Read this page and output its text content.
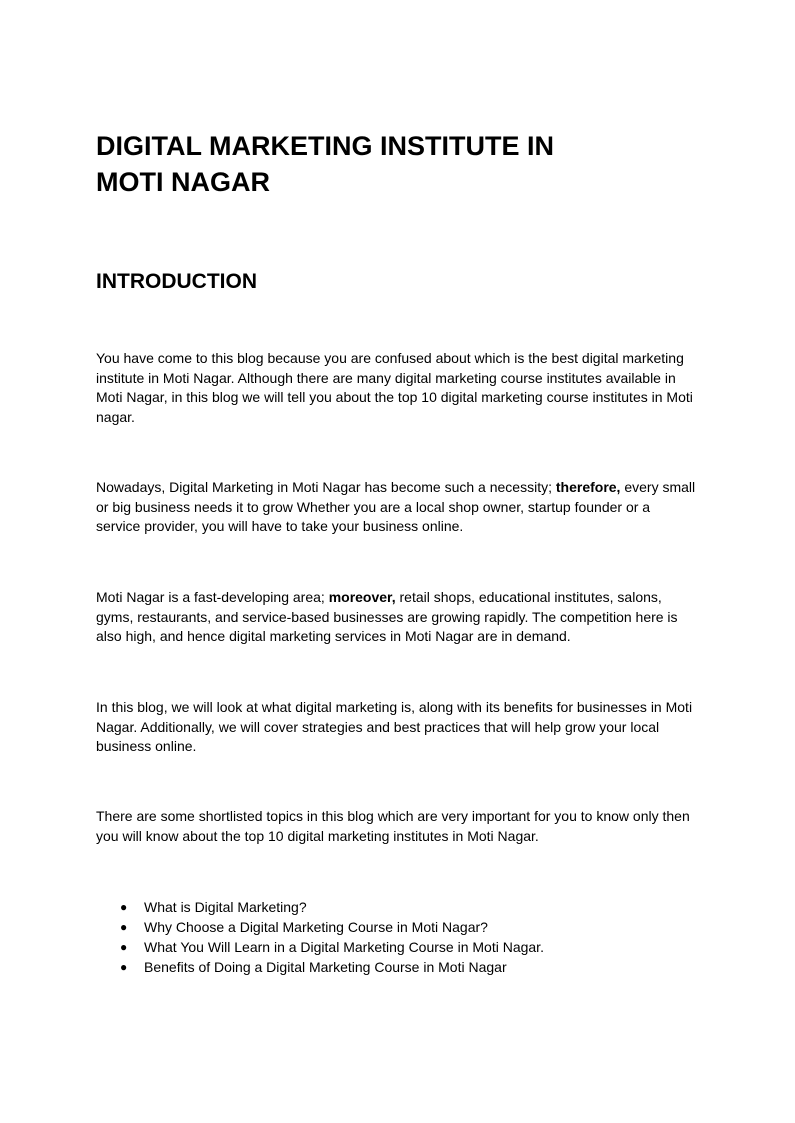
DIGITAL MARKETING INSTITUTE IN
MOTI NAGAR
INTRODUCTION

You have come to this blog because you are confused about which is the best digital marketing institute in Moti Nagar. Although there are many digital marketing course institutes available in Moti Nagar, in this blog we will tell you about the top 10 digital marketing course institutes in Moti nagar.

Nowadays, Digital Marketing in Moti Nagar has become such a necessity; therefore, every small or big business needs it to grow Whether you are a local shop owner, startup founder or a service provider, you will have to take your business online.

Moti Nagar is a fast-developing area; moreover, retail shops, educational institutes, salons, gyms, restaurants, and service-based businesses are growing rapidly. The competition here is also high, and hence digital marketing services in Moti Nagar are in demand.

In this blog, we will look at what digital marketing is, along with its benefits for businesses in Moti Nagar. Additionally, we will cover strategies and best practices that will help grow your local business online.

There are some shortlisted topics in this blog which are very important for you to know only then you will know about the top 10 digital marketing institutes in Moti Nagar.

● What is Digital Marketing?
● Why Choose a Digital Marketing Course in Moti Nagar?
● What You Will Learn in a Digital Marketing Course in Moti Nagar.
● Benefits of Doing a Digital Marketing Course in Moti Nagar
